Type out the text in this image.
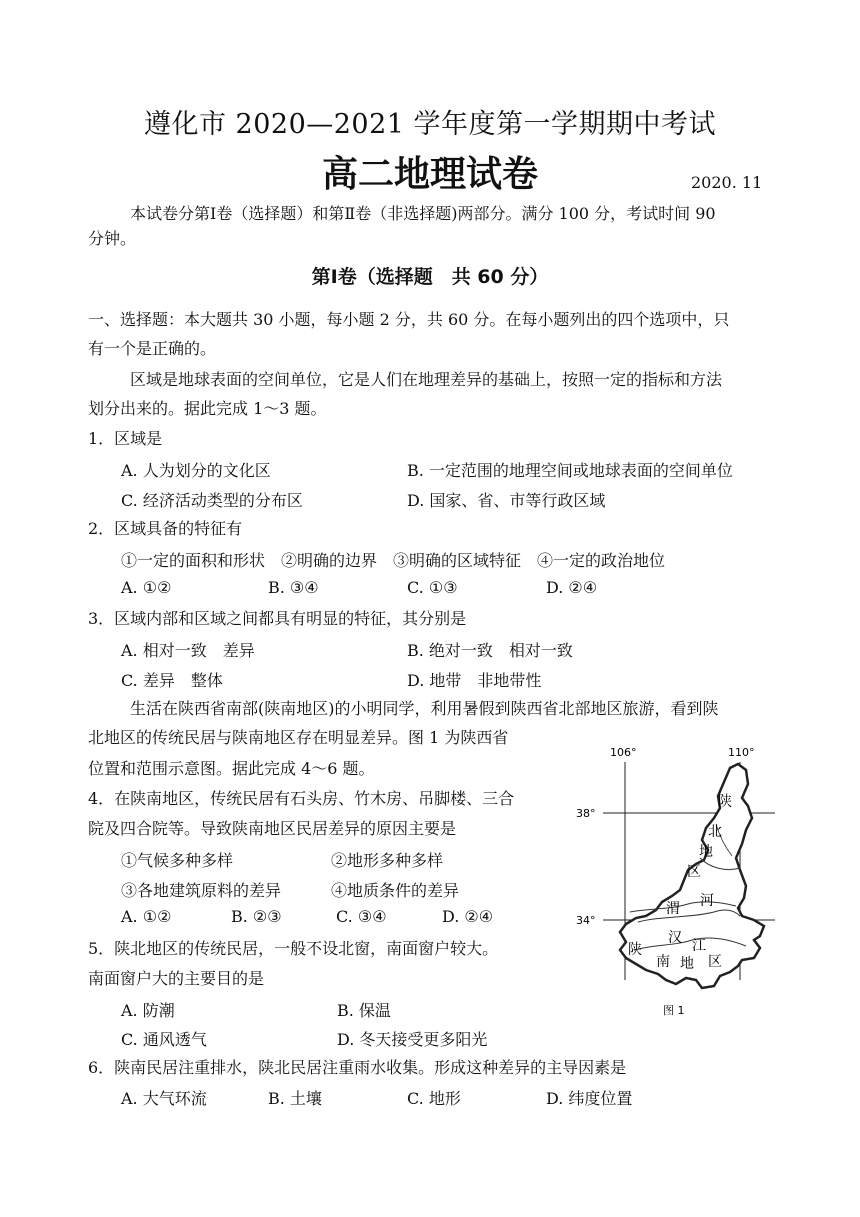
遵化市 2020—2021 学年度第一学期期中考试
高二地理试卷	2020. 11
本试卷分第Ⅰ卷（选择题）和第Ⅱ卷（非选择题)两部分。满分 100 分，考试时间 90
分钟。
第Ⅰ卷（选择题　共 60 分）
一、选择题：本大题共 30 小题，每小题 2 分，共 60 分。在每小题列出的四个选项中，只
有一个是正确的。
区域是地球表面的空间单位，它是人们在地理差异的基础上，按照一定的指标和方法
划分出来的。据此完成 1～3 题。
1．区域是
A. 人为划分的文化区	B. 一定范围的地理空间或地球表面的空间单位
C. 经济活动类型的分布区	D. 国家、省、市等行政区域
2．区域具备的特征有
①一定的面积和形状　②明确的边界　③明确的区域特征　④一定的政治地位
A. ①②	B. ③④	C. ①③	D. ②④
3．区域内部和区域之间都具有明显的特征，其分别是
A. 相对一致　差异	B. 绝对一致　相对一致
C. 差异　整体	D. 地带　非地带性
生活在陕西省南部(陕南地区)的小明同学，利用暑假到陕西省北部地区旅游，看到陕
北地区的传统民居与陕南地区存在明显差异。图 1 为陕西省
位置和范围示意图。据此完成 4～6 题。
4．在陕南地区，传统民居有石头房、竹木房、吊脚楼、三合
院及四合院等。导致陕南地区民居差异的原因主要是
①气候多种多样	②地形多种多样
③各地建筑原料的差异	④地质条件的差异
A. ①②	B. ②③	C. ③④	D. ②④
5．陕北地区的传统民居，一般不设北窗，南面窗户较大。
南面窗户大的主要目的是
A. 防潮	B. 保温
C. 通风透气	D. 冬天接受更多阳光
6．陕南民居注重排水，陕北民居注重雨水收集。形成这种差异的主导因素是
A. 大气环流	B. 土壤	C. 地形	D. 纬度位置
106°	110°
38°
34°
陕
北
地
区
渭 河
汉 江
陕
南 地 区
图 1
